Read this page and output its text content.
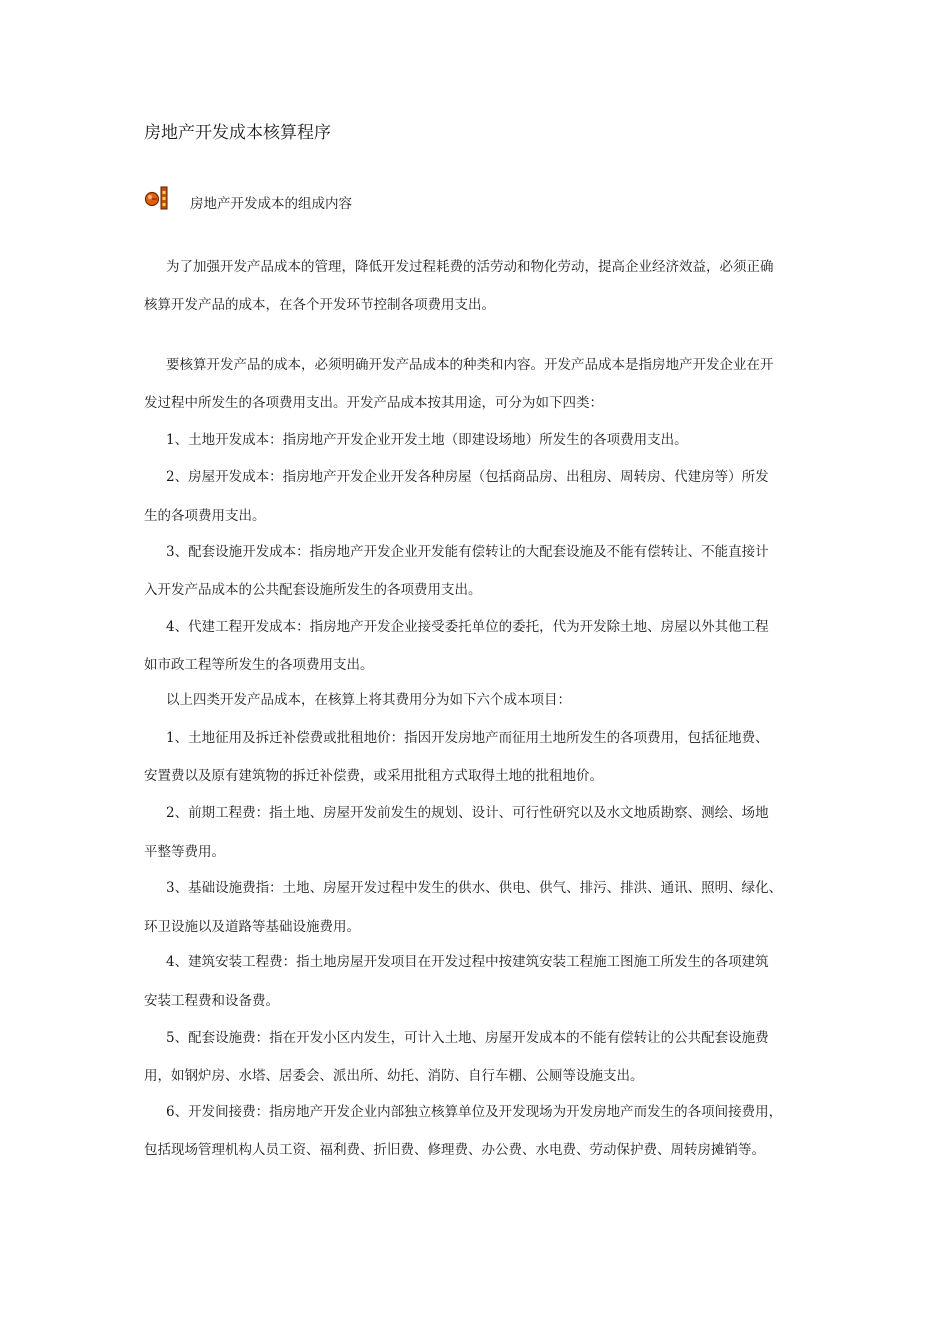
房地产开发成本核算程序
房地产开发成本的组成内容
为了加强开发产品成本的管理，降低开发过程耗费的活劳动和物化劳动，提高企业经济效益，必须正确
核算开发产品的成本，在各个开发环节控制各项费用支出。
要核算开发产品的成本，必须明确开发产品成本的种类和内容。开发产品成本是指房地产开发企业在开
发过程中所发生的各项费用支出。开发产品成本按其用途，可分为如下四类：
1、土地开发成本：指房地产开发企业开发土地（即建设场地）所发生的各项费用支出。
2、房屋开发成本：指房地产开发企业开发各种房屋（包括商品房、出租房、周转房、代建房等）所发
生的各项费用支出。
3、配套设施开发成本：指房地产开发企业开发能有偿转让的大配套设施及不能有偿转让、不能直接计
入开发产品成本的公共配套设施所发生的各项费用支出。
4、代建工程开发成本：指房地产开发企业接受委托单位的委托，代为开发除土地、房屋以外其他工程
如市政工程等所发生的各项费用支出。
以上四类开发产品成本，在核算上将其费用分为如下六个成本项目：
1、土地征用及拆迁补偿费或批租地价：指因开发房地产而征用土地所发生的各项费用，包括征地费、
安置费以及原有建筑物的拆迁补偿费，或采用批租方式取得土地的批租地价。
2、前期工程费：指土地、房屋开发前发生的规划、设计、可行性研究以及水文地质勘察、测绘、场地
平整等费用。
3、基础设施费指：土地、房屋开发过程中发生的供水、供电、供气、排污、排洪、通讯、照明、绿化、
环卫设施以及道路等基础设施费用。
4、建筑安装工程费：指土地房屋开发项目在开发过程中按建筑安装工程施工图施工所发生的各项建筑
安装工程费和设备费。
5、配套设施费：指在开发小区内发生，可计入土地、房屋开发成本的不能有偿转让的公共配套设施费
用，如钢炉房、水塔、居委会、派出所、幼托、消防、自行车棚、公厕等设施支出。
6、开发间接费：指房地产开发企业内部独立核算单位及开发现场为开发房地产而发生的各项间接费用，
包括现场管理机构人员工资、福利费、折旧费、修理费、办公费、水电费、劳动保护费、周转房摊销等。
